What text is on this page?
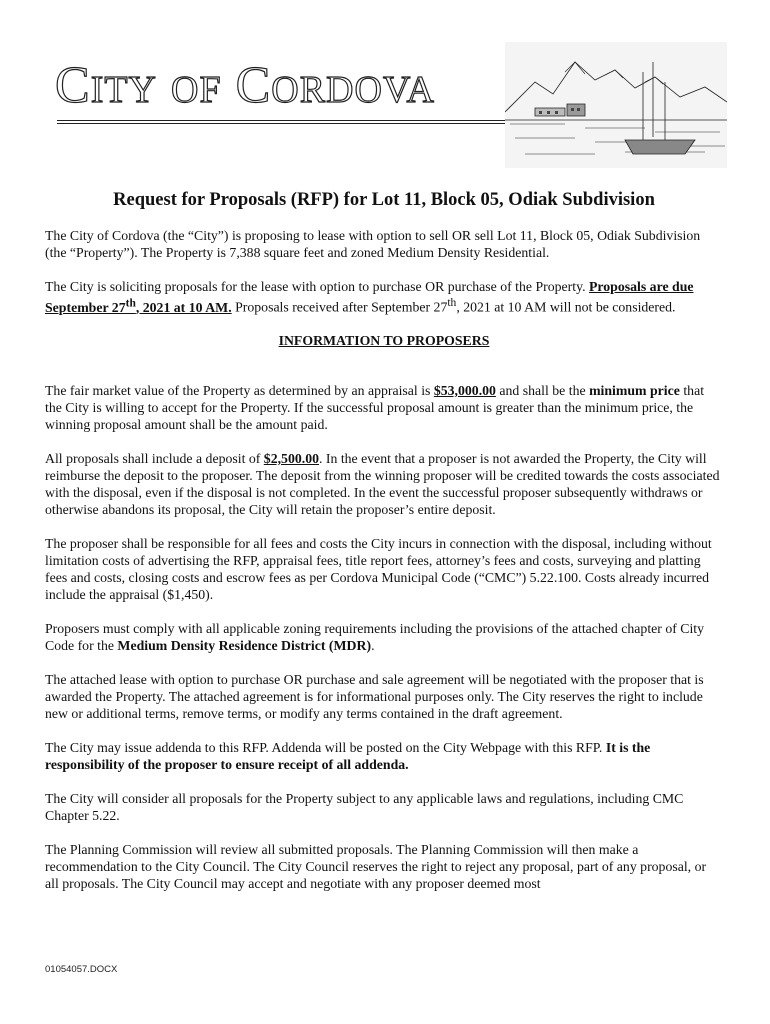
CITY OF CORDOVA
Request for Proposals (RFP) for Lot 11, Block 05, Odiak Subdivision

The City of Cordova (the “City”) is proposing to lease with option to sell OR sell Lot 11, Block 05, Odiak Subdivision (the “Property”). The Property is 7,388 square feet and zoned Medium Density Residential.

The City is soliciting proposals for the lease with option to purchase OR purchase of the Property. Proposals are due September 27th, 2021 at 10 AM. Proposals received after September 27th, 2021 at 10 AM will not be considered.

INFORMATION TO PROPOSERS

The fair market value of the Property as determined by an appraisal is $53,000.00 and shall be the minimum price that the City is willing to accept for the Property. If the successful proposal amount is greater than the minimum price, the winning proposal amount shall be the amount paid.

All proposals shall include a deposit of $2,500.00. In the event that a proposer is not awarded the Property, the City will reimburse the deposit to the proposer. The deposit from the winning proposer will be credited towards the costs associated with the disposal, even if the disposal is not completed. In the event the successful proposer subsequently withdraws or otherwise abandons its proposal, the City will retain the proposer’s entire deposit.

The proposer shall be responsible for all fees and costs the City incurs in connection with the disposal, including without limitation costs of advertising the RFP, appraisal fees, title report fees, attorney’s fees and costs, surveying and platting fees and costs, closing costs and escrow fees as per Cordova Municipal Code (“CMC”) 5.22.100. Costs already incurred include the appraisal ($1,450).

Proposers must comply with all applicable zoning requirements including the provisions of the attached chapter of City Code for the Medium Density Residence District (MDR).

The attached lease with option to purchase OR purchase and sale agreement will be negotiated with the proposer that is awarded the Property. The attached agreement is for informational purposes only. The City reserves the right to include new or additional terms, remove terms, or modify any terms contained in the draft agreement.

The City may issue addenda to this RFP. Addenda will be posted on the City Webpage with this RFP. It is the responsibility of the proposer to ensure receipt of all addenda.

The City will consider all proposals for the Property subject to any applicable laws and regulations, including CMC Chapter 5.22.

The Planning Commission will review all submitted proposals. The Planning Commission will then make a recommendation to the City Council. The City Council reserves the right to reject any proposal, part of any proposal, or all proposals. The City Council may accept and negotiate with any proposer deemed most

01054057.DOCX
